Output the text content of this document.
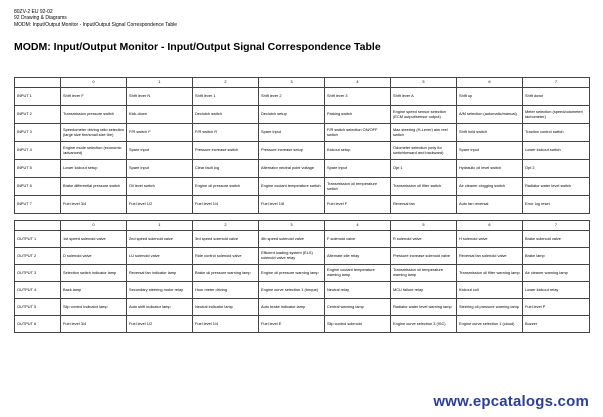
80ZV-2 EU 92-02
92 Drawing & Diagrams
MODM: Input/Output Monitor - Input/Output Signal Correspondence Table
MODM: Input/Output Monitor - Input/Output Signal Correspondence Table
	0	1	2	3	4	5	6	7
INPUT 1	Shift lever F	Shift lever N	Shift lever 1	Shift lever 2	Shift lever 3	Shift lever A	Shift up	Shift down
INPUT 2	Transmission pressure switch	Kick-down	Declutch switch	Declutch setup	Parking switch	Engine speed sensor selection (ECM output/sensor output)	A/M selection (automatic/manual)	Meter selection (speed/odometer/ tachometer)
INPUT 3	Speedometer driving ratio selection (large size tire/small size tire)	F/R switch F	F/R switch R	Spare input	F/R switch selection ON/OFF switch	Max steering (H-Lever) aim reel switch	Shift hold switch	Traction control switch
INPUT 4	Engine mode selection (economic /advanced)	Spare input	Pressure increase switch	Pressure increase setup	Kickout setup	Odometer selection (only for switchforward and backward)	Spare input	Lower kickout switch
INPUT 5	Lower kickout setup	Spare input	Clear fault log	Alternator neutral point voltage	Spare input	Opt 1	Hydraulic oil level switch	Opt 2
INPUT 6	Brake differential pressure switch	Oil level switch	Engine oil pressure switch	Engine coolant temperature switch	Transmission oil temperature switch	Transmission oil filter switch	Air cleaner clogging switch	Radiator water level switch
INPUT 7	Fuel level 3/4	Fuel level 1/2	Fuel level 1/4	Fuel level 1/8	Fuel level F	Reversal fan	Auto fan reversal	Error log reset
	0	1	2	3	4	5	6	7
OUTPUT 1	1st speed solenoid valve	2nd speed solenoid valve	3rd speed solenoid valve	4th speed solenoid valve	F solenoid valve	R solenoid valve	H solenoid valve	Brake solenoid valve
OUTPUT 2	D solenoid valve	LU solenoid valve	Ride control solenoid valve	Efficient loading system (ELS) solenoid valve relay	Alternate idle relay	Pressure increase solenoid valve	Reversal fan solenoid valve	Brake lamp
OUTPUT 3	Selection switch indicator lamp	Reversal fan indicator lamp	Brake oil pressure warning lamp	Engine oil pressure warning lamp	Engine coolant temperature warning lamp	Transmission oil temperature warning lamp	Transmission oil filter warning lamp	Air cleaner warning lamp
OUTPUT 4	Back lamp	Secondary steering motor relay	Hour meter driving	Engine curve selection 1 (torque)	Neutral relay	MCU failure relay	Kickout coil	Lower kickout relay
OUTPUT 5	Slip control indicator lamp	Auto shift indicator lamp	Neutral indicator lamp	Auto brake indicator lamp	Central warning lamp	Radiator water level warning lamp	Steering oil pressure warning lamp	Fuel level P
OUTPUT 6	Fuel level 3/4	Fuel level 1/2	Fuel level 1/4	Fuel level E	Slip control solenoid	Engine curve selection 3 (ISC)	Engine curve selection 1 (cloud)	Buzzer
www.epcatalogs.com
